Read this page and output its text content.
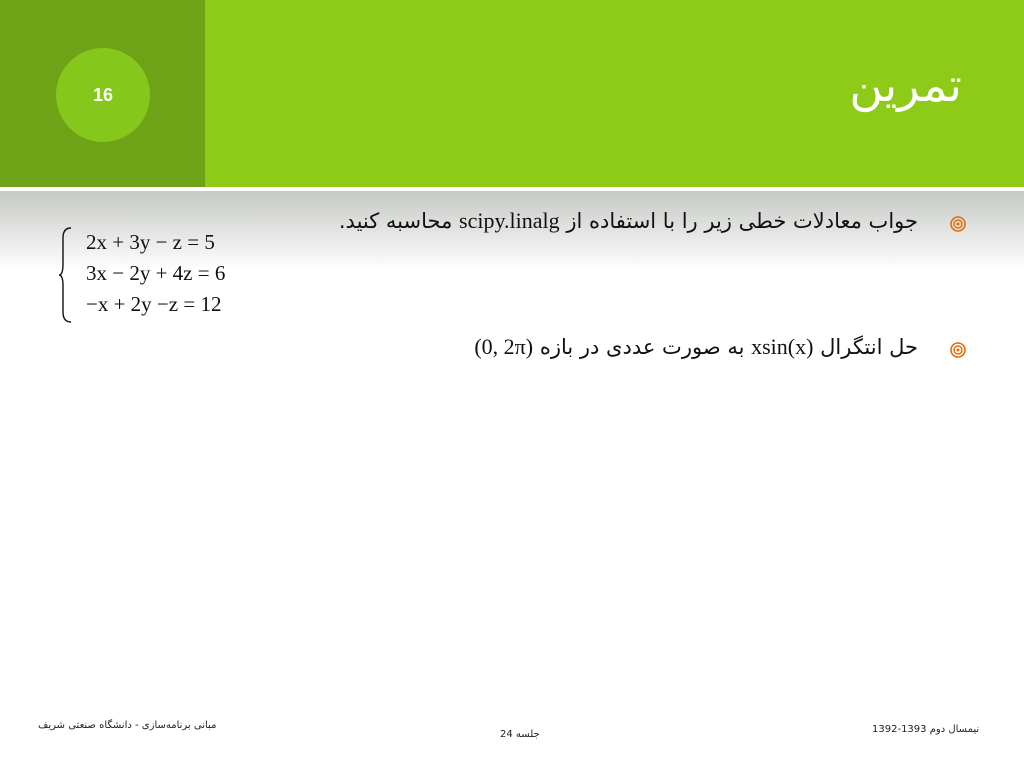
16	تمرین
جواب معادلات خطی زیر را با استفاده از scipy.linalg محاسبه کنید.
2x + 3y − z = 5
3x − 2y + 4z = 6
−x + 2y −z = 12
حل انتگرال xsin(x) به صورت عددی در بازه (0, 2π)
مبانی برنامه‌سازی - دانشگاه صنعتی شریف
جلسه 24	نیمسال دوم 1393-1392
